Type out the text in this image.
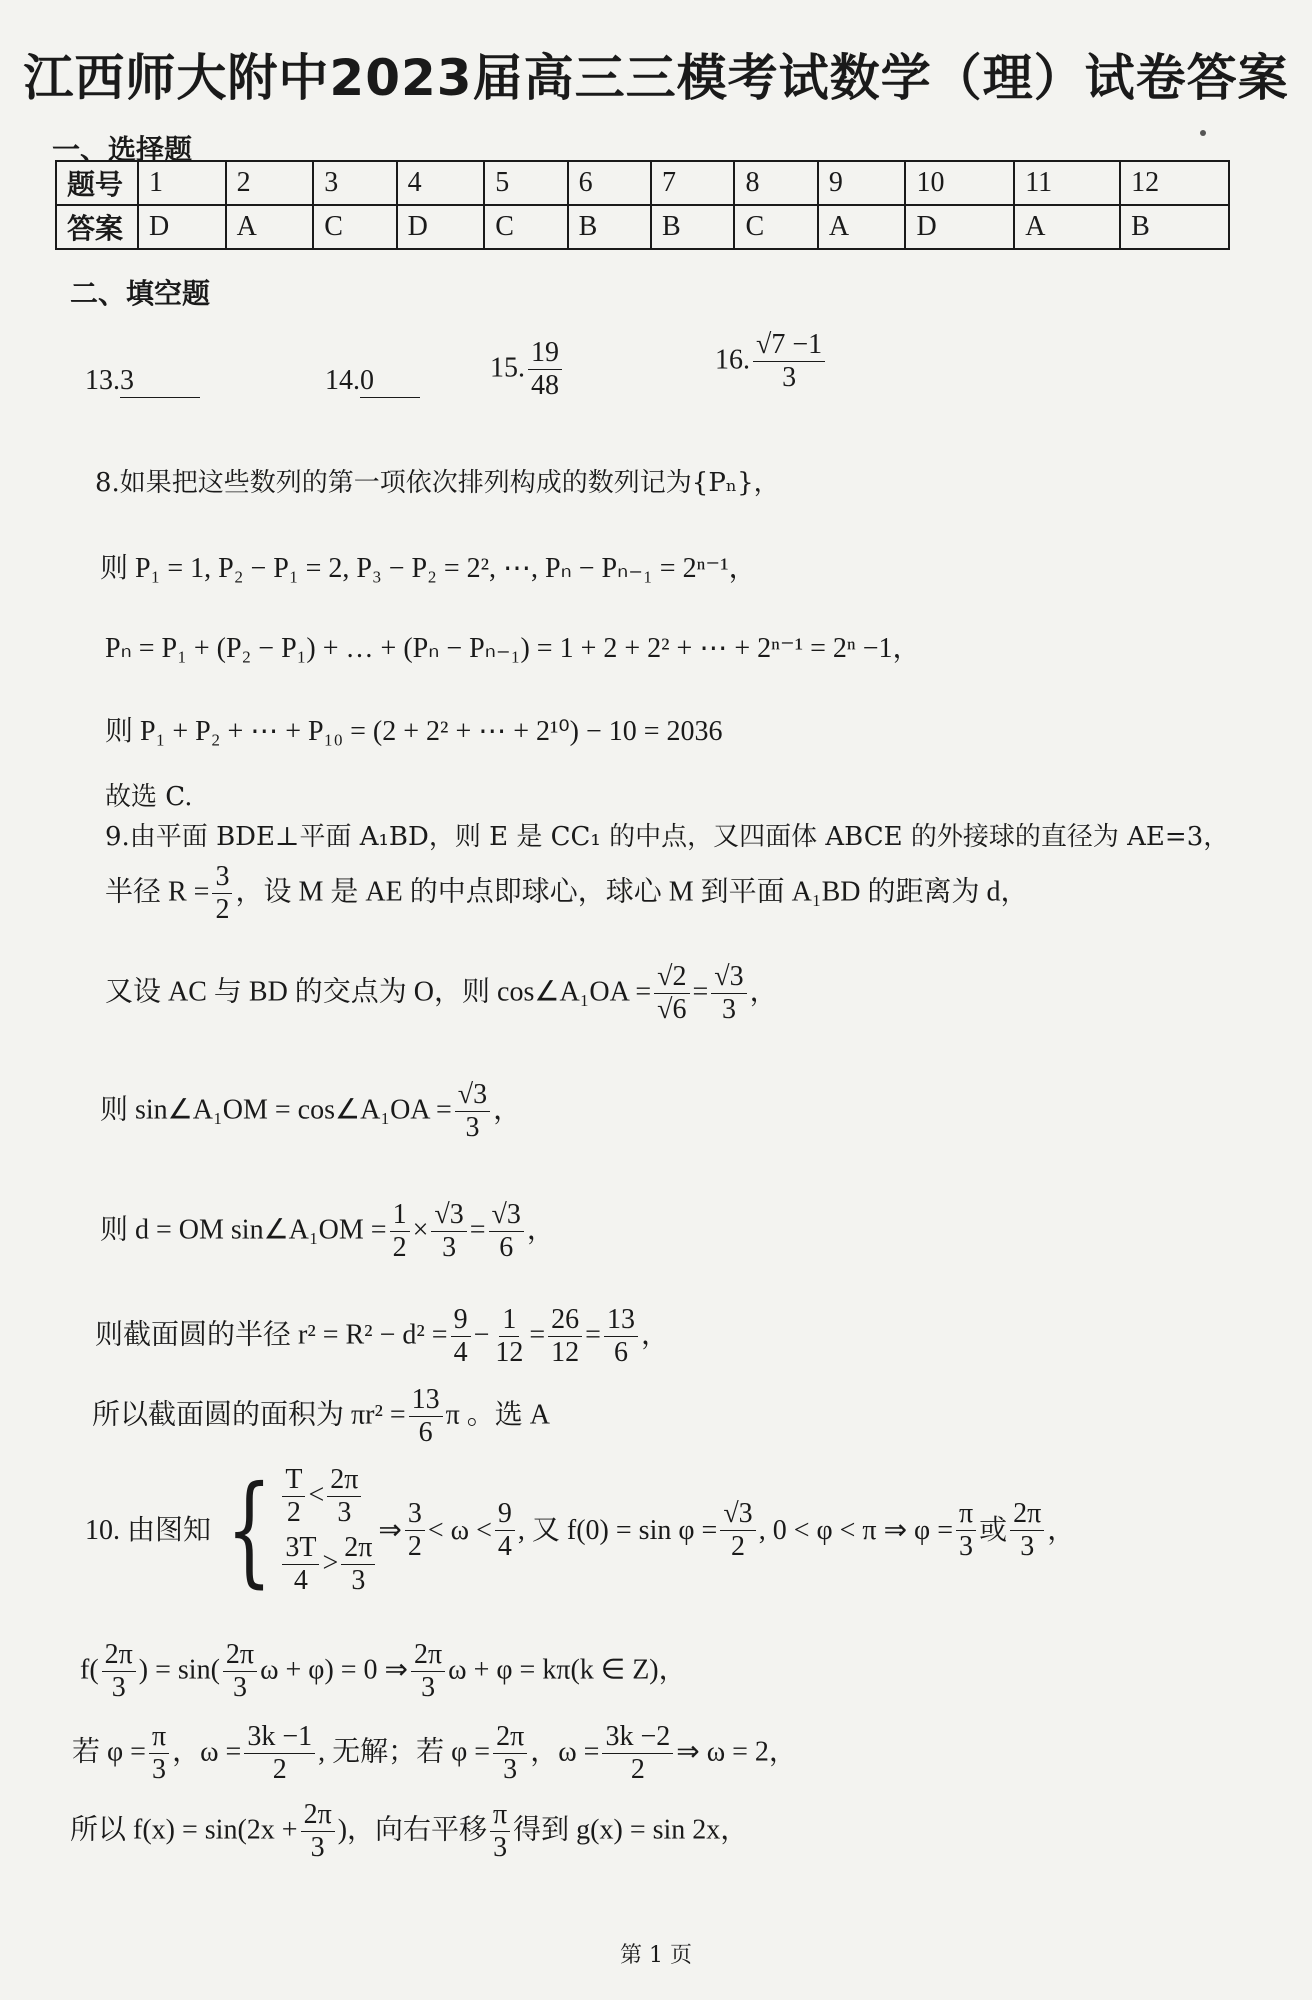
江西师大附中2023届高三三模考试数学（理）试卷答案
一、选择题
题号	1	2	3	4	5	6	7	8	9	10	11	12
答案	D	A	C	D	C	B	B	C	A	D	A	B
二、填空题
13.3	14.0	15. $\frac{19}{48}$	16. $\frac{√7 -1}{3}$
8.如果把这些数列的第一项依次排列构成的数列记为{Pₙ}，
则 P₁ = 1, P₂ − P₁ = 2, P₃ − P₂ = 2², ⋯, Pₙ − Pₙ₋₁ = 2ⁿ⁻¹，
Pₙ = P₁ + (P₂ − P₁) + … + (Pₙ − Pₙ₋₁) = 1 + 2 + 2² + ⋯ + 2ⁿ⁻¹ = 2ⁿ −1，
则 P₁ + P₂ + ⋯ + P₁₀ = (2 + 2² + ⋯ + 2¹⁰) − 10 = 2036
故选 C.
9.由平面 BDE⊥平面 A₁BD，则 E 是 CC₁ 的中点，又四面体 ABCE 的外接球的直径为 AE=3，
半径 $R = \frac{3}{2}$ ，设 M 是 AE 的中点即球心，球心 M 到平面 A₁BD 的距离为 d，
又设 AC 与 BD 的交点为 O，则 cos∠A₁OA = $\frac{√2}{√6} = \frac{√3}{3}$ ，
则 sin∠A₁OM = cos∠A₁OA = $\frac{√3}{3}$ ，
则 d = OM sin∠A₁OM = $\frac{1}{2} \times \frac{√3}{3} = \frac{√3}{6}$ ，
则截面圆的半径 $r^2 = R^2 - d^2 = \frac{9}{4} - \frac{1}{12} = \frac{26}{12} = \frac{13}{6}$ ，
所以截面圆的面积为 $\pi r^2 = \frac{13}{6}$ π 。选 A
10. 由图知 { $\frac{T}{2} < \frac{2\pi}{3}$
$\frac{3T}{4} > \frac{2\pi}{3}$
⇒ $\frac{3}{2} < \omega < \frac{9}{4}$ , 又 $f(0) = \sin \varphi = \frac{√3}{2}$ , 0 < φ < π ⇒ $\varphi = \frac{\pi}{3}$ 或 $\frac{2\pi}{3}$ ，
$f( \frac{2\pi}{3}$ ) = $\sin( \frac{2\pi}{3}$ ω + φ) = 0 ⇒ $\frac{2\pi}{3}$ ω + φ = kπ(k ∈ Z)，
若 $\varphi = \frac{\pi}{3}$ ，$\omega = \frac{3k -1}{2}$ , 无解；若 $\varphi = \frac{2\pi}{3}$ ，$\omega = \frac{3k -2}{2}$ ⇒ ω = 2，
所以 $f(x) = \sin(2x + \frac{2\pi}{3}$ )，向右平移 $\frac{\pi}{3}$ 得到 g(x) = sin 2x，
第 1 页
